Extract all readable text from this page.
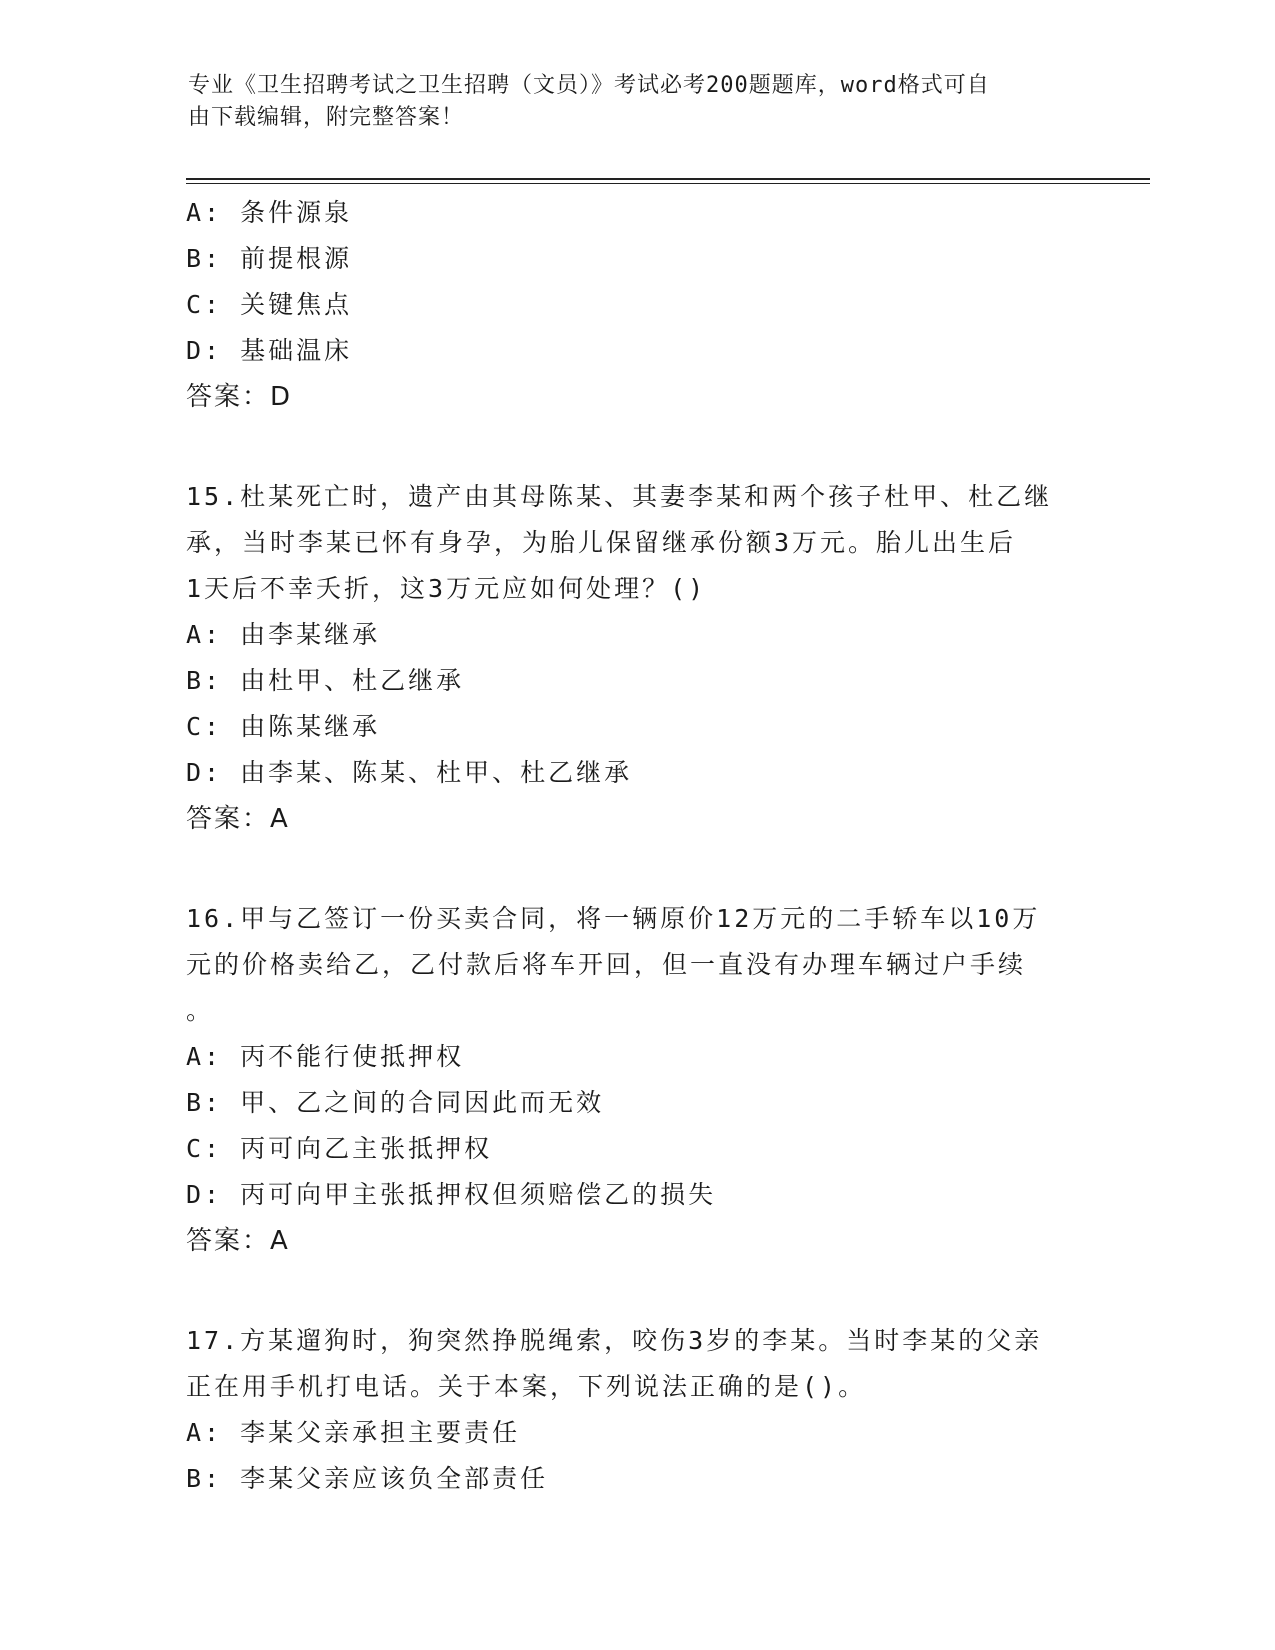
专业《卫生招聘考试之卫生招聘（文员）》考试必考200题题库，word格式可自
由下载编辑，附完整答案！
A: 条件源泉
B: 前提根源
C: 关键焦点
D: 基础温床
答案：D
15.杜某死亡时，遗产由其母陈某、其妻李某和两个孩子杜甲、杜乙继
承，当时李某已怀有身孕，为胎儿保留继承份额3万元。胎儿出生后
1天后不幸夭折，这3万元应如何处理？()
A: 由李某继承
B: 由杜甲、杜乙继承
C: 由陈某继承
D: 由李某、陈某、杜甲、杜乙继承
答案：A
16.甲与乙签订一份买卖合同，将一辆原价12万元的二手轿车以10万
元的价格卖给乙，乙付款后将车开回，但一直没有办理车辆过户手续
。
A: 丙不能行使抵押权
B: 甲、乙之间的合同因此而无效
C: 丙可向乙主张抵押权
D: 丙可向甲主张抵押权但须赔偿乙的损失
答案：A
17.方某遛狗时，狗突然挣脱绳索，咬伤3岁的李某。当时李某的父亲
正在用手机打电话。关于本案，下列说法正确的是()。
A: 李某父亲承担主要责任
B: 李某父亲应该负全部责任
